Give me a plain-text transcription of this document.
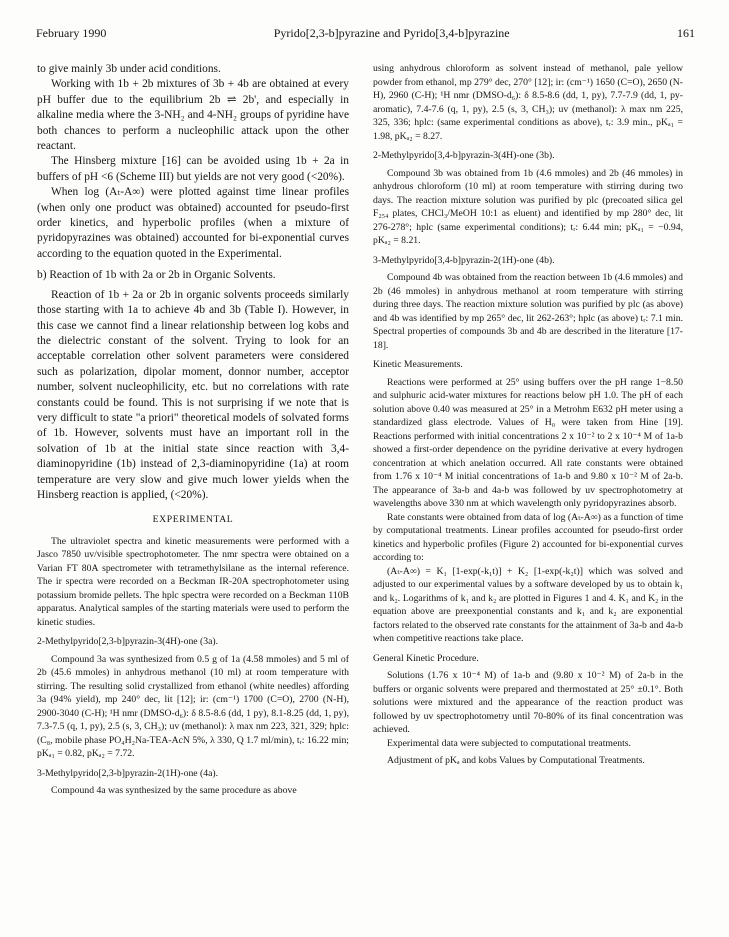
February 1990	Pyrido[2,3-b]pyrazine and Pyrido[3,4-b]pyrazine	161

to give mainly 3b under acid conditions.

Working with 1b + 2b mixtures of 3b + 4b are obtained at every pH buffer due to the equilibrium 2b ⇌ 2b', and especially in alkaline media where the 3-NH₂ and 4-NH₂ groups of pyridine have both chances to perform a nucleophilic attack upon the other reactant.

The Hinsberg mixture [16] can be avoided using 1b + 2a in buffers of pH <6 (Scheme III) but yields are not very good (<20%).

When log (Aₜ-A∞) were plotted against time linear profiles (when only one product was obtained) accounted for pseudo-first order kinetics, and hyperbolic profiles (when a mixture of pyridopyrazines was obtained) accounted for bi-exponential curves according to the equation quoted in the Experimental.

b) Reaction of 1b with 2a or 2b in Organic Solvents.

Reaction of 1b + 2a or 2b in organic solvents proceeds similarly those starting with 1a to achieve 4b and 3b (Table I). However, in this case we cannot find a linear relationship between log kobs and the dielectric constant of the solvent. Trying to look for an acceptable correlation other solvent parameters were considered such as polarization, dipolar moment, donnor number, acceptor number, solvent nucleophilicity, etc. but no correlations with rate constants could be found. This is not surprising if we note that is very difficult to state "a priori" theoretical models of solvated forms of 1b. However, solvents must have an important roll in the solvation of 1b at the initial state since reaction with 3,4-diaminopyridine (1b) instead of 2,3-diaminopyridine (1a) at room temperature are very slow and give much lower yields when the Hinsberg reaction is applied, (<20%).

EXPERIMENTAL

The ultraviolet spectra and kinetic measurements were performed with a Jasco 7850 uv/visible spectrophotometer. The nmr spectra were obtained on a Varian FT 80A spectrometer with tetramethylsilane as the internal reference. The ir spectra were recorded on a Beckman IR-20A spectrophotometer using potassium bromide pellets. The hplc spectra were recorded on a Beckman 110B apparatus. Analytical samples of the starting materials were used to perform the kinetic studies.

2-Methylpyrido[2,3-b]pyrazin-3(4H)-one (3a).

Compound 3a was synthesized from 0.5 g of 1a (4.58 mmoles) and 5 ml of 2b (45.6 mmoles) in anhydrous methanol (10 ml) at room temperature with stirring. The resulting solid crystallized from ethanol (white needles) affording 3a (94% yield), mp 240° dec, lit [12]; ir: (cm⁻¹) 1700 (C=O), 2700 (N-H), 2900-3040 (C-H); ¹H nmr (DMSO-d₆): δ 8.5-8.6 (dd, 1 py), 8.1-8.25 (dd, 1, py), 7.3-7.5 (q, 1, py), 2.5 (s, 3, CH₃); uv (methanol): λ max nm 223, 321, 329; hplc: (C₈, mobile phase PO₄H₂Na-TEA-AcN 5%, λ 330, Q 1.7 ml/min), tᵣ: 16.22 min; pKₐ₁ = 0.82, pKₐ₂ = 7.72.

3-Methylpyrido[2,3-b]pyrazin-2(1H)-one (4a).

Compound 4a was synthesized by the same procedure as above

using anhydrous chloroform as solvent instead of methanol, pale yellow powder from ethanol, mp 279° dec, 270° [12]; ir: (cm⁻¹) 1650 (C=O), 2650 (N-H), 2960 (C-H); ¹H nmr (DMSO-d₆): δ 8.5-8.6 (dd, 1, py), 7.7-7.9 (dd, 1, py-aromatic), 7.4-7.6 (q, 1, py), 2.5 (s, 3, CH₃); uv (methanol): λ max nm 225, 325, 336; hplc: (same experimental conditions as above), tᵣ: 3.9 min., pKₐ₁ = 1.98, pKₐ₂ = 8.27.

2-Methylpyrido[3,4-b]pyrazin-3(4H)-one (3b).

Compound 3b was obtained from 1b (4.6 mmoles) and 2b (46 mmoles) in anhydrous chloroform (10 ml) at room temperature with stirring during two days. The reaction mixture solution was purified by plc (precoated silica gel F₂₅₄ plates, CHCl₃/MeOH 10:1 as eluent) and identified by mp 280° dec, lit 276-278°; hplc (same experimental conditions); tᵣ: 6.44 min; pKₐ₁ = −0.94, pKₐ₂ = 8.21.

3-Methylpyrido[3,4-b]pyrazin-2(1H)-one (4b).

Compound 4b was obtained from the reaction between 1b (4.6 mmoles) and 2b (46 mmoles) in anhydrous methanol at room temperature with stirring during three days. The reaction mixture solution was purified by plc (as above) and 4b was identified by mp 265° dec, lit 262-263°; hplc (as above) tᵣ: 7.1 min. Spectral properties of compounds 3b and 4b are described in the literature [17-18].

Kinetic Measurements.

Reactions were performed at 25° using buffers over the pH range 1−8.50 and sulphuric acid-water mixtures for reactions below pH 1.0. The pH of each solution above 0.40 was measured at 25° in a Metrohm E632 pH meter using a standardized glass electrode. Values of H₀ were taken from Hine [19]. Reactions performed with initial concentrations 2 x 10⁻² to 2 x 10⁻⁴ M of 1a-b showed a first-order dependence on the pyridine derivative at every hydrogen concentration at which anelation occurred. All rate constants were obtained from 1.76 x 10⁻⁴ M initial concentrations of 1a-b and 9.80 x 10⁻² M of 2a-b. The appearance of 3a-b and 4a-b was followed by uv spectrophotometry at wavelengths above 330 nm at which wavelength only pyridopyrazines absorb.

Rate constants were obtained from data of log (Aₜ-A∞) as a function of time by computational treatments. Linear profiles accounted for pseudo-first order kinetics and hyperbolic profiles (Figure 2) accounted for bi-exponential curves according to:

(Aₜ-A∞) = K₁ [1-exp(-k₁t)] + K₂ [1-exp(-k₂t)] which was solved and adjusted to our experimental values by a software developed by us to obtain k₁ and k₂. Logarithms of k₁ and k₂ are plotted in Figures 1 and 4. K₁ and K₂ in the equation above are preexponential constants and k₁ and k₂ are exponential factors related to the observed rate constants for the attainment of 3a-b and 4a-b when competitive reactions take place.

General Kinetic Procedure.

Solutions (1.76 x 10⁻⁴ M) of 1a-b and (9.80 x 10⁻² M) of 2a-b in the buffers or organic solvents were prepared and thermostated at 25° ±0.1°. Both solutions were mixtured and the appearance of the reaction product was followed by uv spectrophotometry until 70-80% of its final concentration was achieved.

Experimental data were subjected to computational treatments.

Adjustment of pKₐ and kobs Values by Computational Treatments.
